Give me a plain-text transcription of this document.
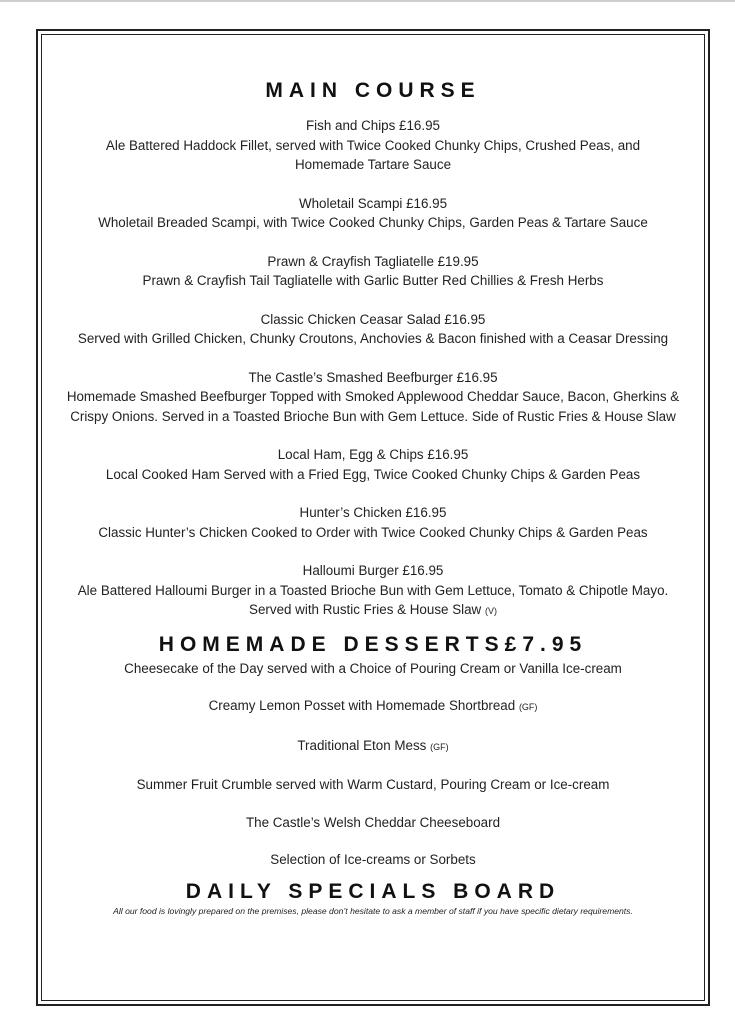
MAIN COURSE
Fish and Chips £16.95
Ale Battered Haddock Fillet, served with Twice Cooked Chunky Chips, Crushed Peas, and Homemade Tartare Sauce
Wholetail Scampi £16.95
Wholetail Breaded Scampi, with Twice Cooked Chunky Chips, Garden Peas & Tartare Sauce
Prawn & Crayfish Tagliatelle £19.95
Prawn & Crayfish Tail Tagliatelle with Garlic Butter Red Chillies & Fresh Herbs
Classic Chicken Ceasar Salad £16.95
Served with Grilled Chicken, Chunky Croutons, Anchovies & Bacon finished with a Ceasar Dressing
The Castle’s Smashed Beefburger £16.95
Homemade Smashed Beefburger Topped with Smoked Applewood Cheddar Sauce, Bacon, Gherkins & Crispy Onions. Served in a Toasted Brioche Bun with Gem Lettuce. Side of Rustic Fries & House Slaw
Local Ham, Egg & Chips £16.95
Local Cooked Ham Served with a Fried Egg, Twice Cooked Chunky Chips & Garden Peas
Hunter’s Chicken £16.95
Classic Hunter’s Chicken Cooked to Order with Twice Cooked Chunky Chips & Garden Peas
Halloumi Burger £16.95
Ale Battered Halloumi Burger in a Toasted Brioche Bun with Gem Lettuce, Tomato & Chipotle Mayo. Served with Rustic Fries & House Slaw (V)
HOMEMADE DESSERTS£7.95
Cheesecake of the Day served with a Choice of Pouring Cream or Vanilla Ice-cream
Creamy Lemon Posset with Homemade Shortbread (GF)
Traditional Eton Mess (GF)
Summer Fruit Crumble served with Warm Custard, Pouring Cream or Ice-cream
The Castle’s Welsh Cheddar Cheeseboard
Selection of Ice-creams or Sorbets
DAILY SPECIALS BOARD
All our food is lovingly prepared on the premises, please don’t hesitate to ask a member of staff if you have specific dietary requirements.
